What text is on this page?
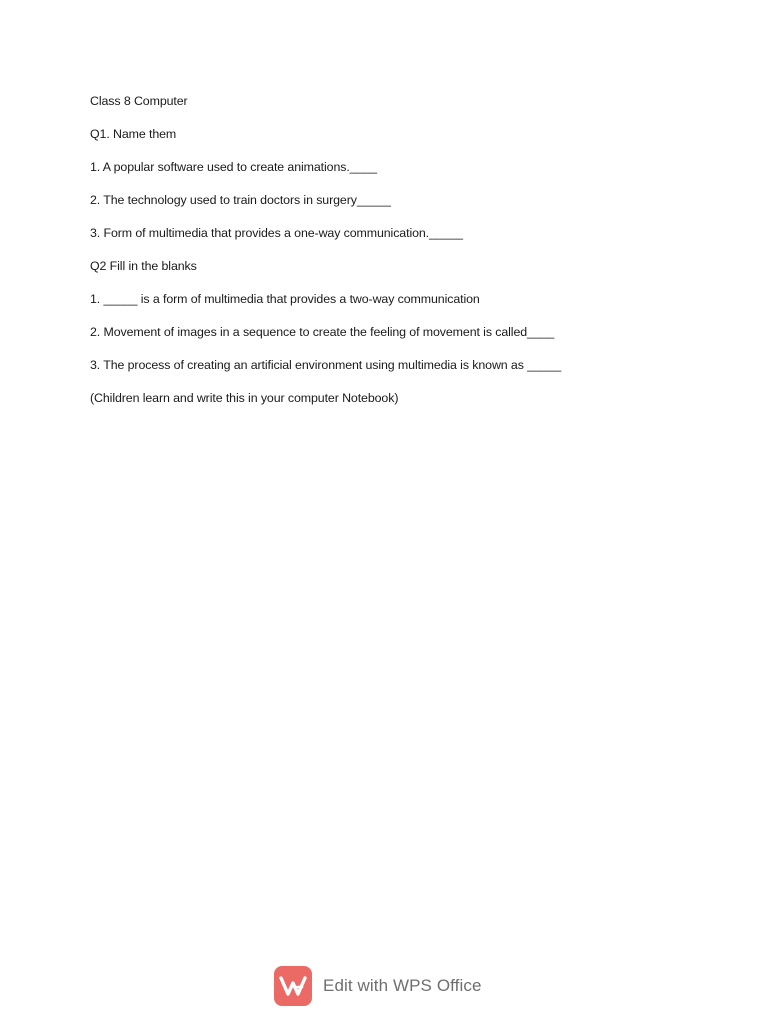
Class 8 Computer
Q1. Name them
1. A popular software used to create animations.____
2. The technology used to train doctors in surgery_____
3. Form of multimedia that provides a one-way communication._____
Q2 Fill in the blanks
1. _____ is a form of multimedia that provides a two-way communication
2. Movement of images in a sequence to create the feeling of movement is called____
3. The process of creating an artificial environment using multimedia is known as _____
(Children learn and write this in your computer Notebook)
Edit with WPS Office
